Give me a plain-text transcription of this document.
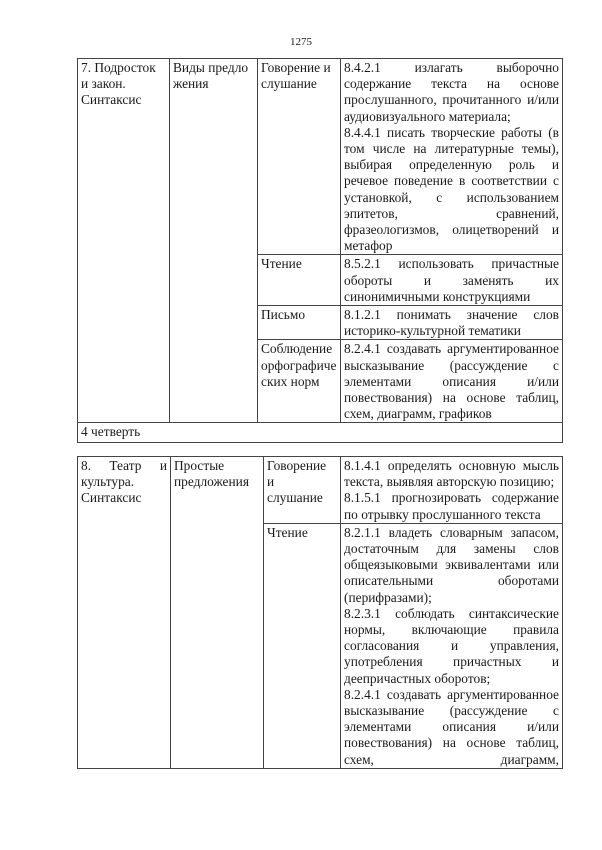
1275
7. Подросток и закон. Синтаксис	Виды предложения	Говорение и слушание	8.4.2.1 излагать выборочно содержание текста на основе прослушанного, прочитанного и/или аудиовизуального материала;
8.4.4.1 писать творческие работы (в том числе на литературные темы), выбирая определенную роль и речевое поведение в соответствии с установкой, с использованием эпитетов, сравнений, фразеологизмов, олицетворений и метафор

		Чтение	8.5.2.1 использовать причастные обороты и заменять их синонимичными конструкциями

		Письмо	8.1.2.1 понимать значение слов историко-культурной тематики

		Соблюдение орфографических норм	8.2.4.1 создавать аргументированное высказывание (рассуждение с элементами описания и/или повествования) на основе таблиц, схем, диаграмм, графиков

4 четверть			
8. Театр и культура. Синтаксис	Простые предложения	Говорение и слушание	8.1.4.1 определять основную мысль текста, выявляя авторскую позицию;
8.1.5.1 прогнозировать содержание по отрывку прослушанного текста

		Чтение	8.2.1.1 владеть словарным запасом, достаточным для замены слов общеязыковыми эквивалентами или описательными оборотами (перифразами);
8.2.3.1 соблюдать синтаксические нормы, включающие правила согласования и управления, употребления причастных и деепричастных оборотов;
8.2.4.1 создавать аргументированное высказывание (рассуждение с элементами описания и/или повествования) на основе таблиц, схем, диаграмм,
